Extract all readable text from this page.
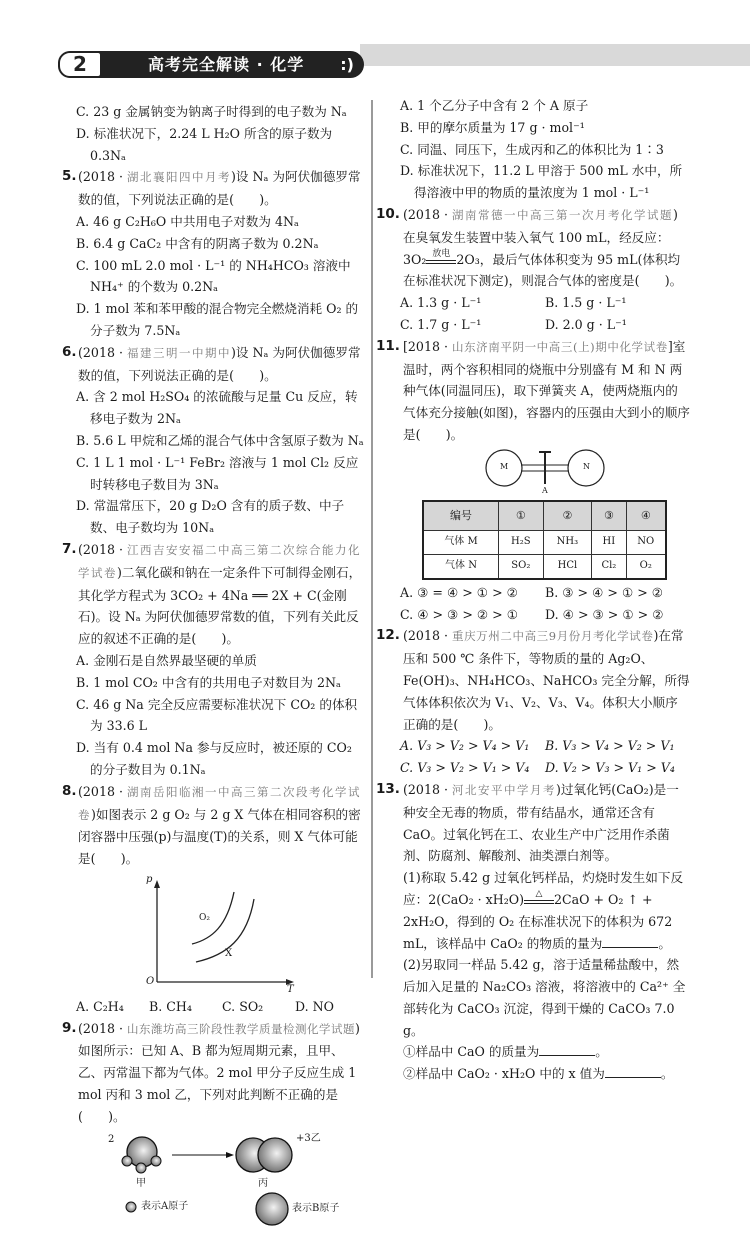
2	高考完全解读 · 化学 :)
C. 23 g 金属钠变为钠离子时得到的电子数为 Nₐ
D. 标准状况下，2.24 L H₂O 所含的原子数为 0.3Nₐ
5. (2018 · 湖北襄阳四中月考)设 Nₐ 为阿伏伽德罗常数的值，下列说法正确的是(　　)。
A. 46 g C₂H₆O 中共用电子对数为 4Nₐ
B. 6.4 g CaC₂ 中含有的阴离子数为 0.2Nₐ
C. 100 mL 2.0 mol · L⁻¹ 的 NH₄HCO₃ 溶液中 NH₄⁺ 的个数为 0.2Nₐ
D. 1 mol 苯和苯甲酸的混合物完全燃烧消耗 O₂ 的分子数为 7.5Nₐ
6. (2018 · 福建三明一中期中)设 Nₐ 为阿伏伽德罗常数的值，下列说法正确的是(　　)。
A. 含 2 mol H₂SO₄ 的浓硫酸与足量 Cu 反应，转移电子数为 2Nₐ
B. 5.6 L 甲烷和乙烯的混合气体中含氢原子数为 Nₐ
C. 1 L 1 mol · L⁻¹ FeBr₂ 溶液与 1 mol Cl₂ 反应时转移电子数目为 3Nₐ
D. 常温常压下，20 g D₂O 含有的质子数、中子数、电子数均为 10Nₐ
7. (2018 · 江西吉安安福二中高三第二次综合能力化学试卷)二氧化碳和钠在一定条件下可制得金刚石，其化学方程式为 3CO₂ + 4Na ══ 2X + C(金刚石)。设 Nₐ 为阿伏伽德罗常数的值，下列有关此反应的叙述不正确的是(　　)。
A. 金刚石是自然界最坚硬的单质
B. 1 mol CO₂ 中含有的共用电子对数目为 2Nₐ
C. 46 g Na 完全反应需要标准状况下 CO₂ 的体积为 33.6 L
D. 当有 0.4 mol Na 参与反应时，被还原的 CO₂ 的分子数目为 0.1Nₐ
8. (2018 · 湖南岳阳临湘一中高三第二次段考化学试卷)如图表示 2 g O₂ 与 2 g X 气体在相同容积的密闭容器中压强(p)与温度(T)的关系，则 X 气体可能是(　　)。
p
T
O
O₂
X
A. C₂H₄	B. CH₄	C. SO₂	D. NO
9. (2018 · 山东潍坊高三阶段性教学质量检测化学试题)如图所示：已知 A、B 都为短周期元素，且甲、乙、丙常温下都为气体。2 mol 甲分子反应生成 1 mol 丙和 3 mol 乙，下列对此判断不正确的是(　　)。
2	+3乙
甲	丙
表示A原子	表示B原子
A. 1 个乙分子中含有 2 个 A 原子
B. 甲的摩尔质量为 17 g · mol⁻¹
C. 同温、同压下，生成丙和乙的体积比为 1∶3
D. 标准状况下，11.2 L 甲溶于 500 mL 水中，所得溶液中甲的物质的量浓度为 1 mol · L⁻¹
10. (2018 · 湖南常德一中高三第一次月考化学试题)在臭氧发生装置中装入氧气 100 mL，经反应：3O₂ 放电 2O₃，最后气体体积变为 95 mL(体积均在标准状况下测定)，则混合气体的密度是(　　)。
A. 1.3 g · L⁻¹	B. 1.5 g · L⁻¹
C. 1.7 g · L⁻¹	D. 2.0 g · L⁻¹
11. [2018 · 山东济南平阴一中高三(上)期中化学试卷]室温时，两个容积相同的烧瓶中分别盛有 M 和 N 两种气体(同温同压)，取下弹簧夹 A，使两烧瓶内的气体充分接触(如图)，容器内的压强由大到小的顺序是(　　)。
M	N
A
编号	①	②	③	④
气体 M	H₂S	NH₃	HI	NO
气体 N	SO₂	HCl	Cl₂	O₂
A. ③ = ④ > ① > ②	B. ③ > ④ > ① > ②
C. ④ > ③ > ② > ①	D. ④ > ③ > ① > ②
12. (2018 · 重庆万州二中高三9月份月考化学试卷)在常压和 500 ℃ 条件下，等物质的量的 Ag₂O、Fe(OH)₃、NH₄HCO₃、NaHCO₃ 完全分解，所得气体体积依次为 V₁、V₂、V₃、V₄。体积大小顺序正确的是(　　)。
A. V₃ > V₂ > V₄ > V₁	B. V₃ > V₄ > V₂ > V₁
C. V₃ > V₂ > V₁ > V₄	D. V₂ > V₃ > V₁ > V₄
13. (2018 · 河北安平中学月考)过氧化钙(CaO₂)是一种安全无毒的物质，带有结晶水，通常还含有 CaO。过氧化钙在工、农业生产中广泛用作杀菌剂、防腐剂、解酸剂、油类漂白剂等。
(1)称取 5.42 g 过氧化钙样品，灼烧时发生如下反应：2(CaO₂ · xH₂O) △ 2CaO + O₂ ↑ + 2xH₂O，得到的 O₂ 在标准状况下的体积为 672 mL，该样品中 CaO₂ 的物质的量为	。
(2)另取同一样品 5.42 g，溶于适量稀盐酸中，然后加入足量的 Na₂CO₃ 溶液，将溶液中的 Ca²⁺ 全部转化为 CaCO₃ 沉淀，得到干燥的 CaCO₃ 7.0 g。
①样品中 CaO 的质量为	。
②样品中 CaO₂ · xH₂O 中的 x 值为	。
